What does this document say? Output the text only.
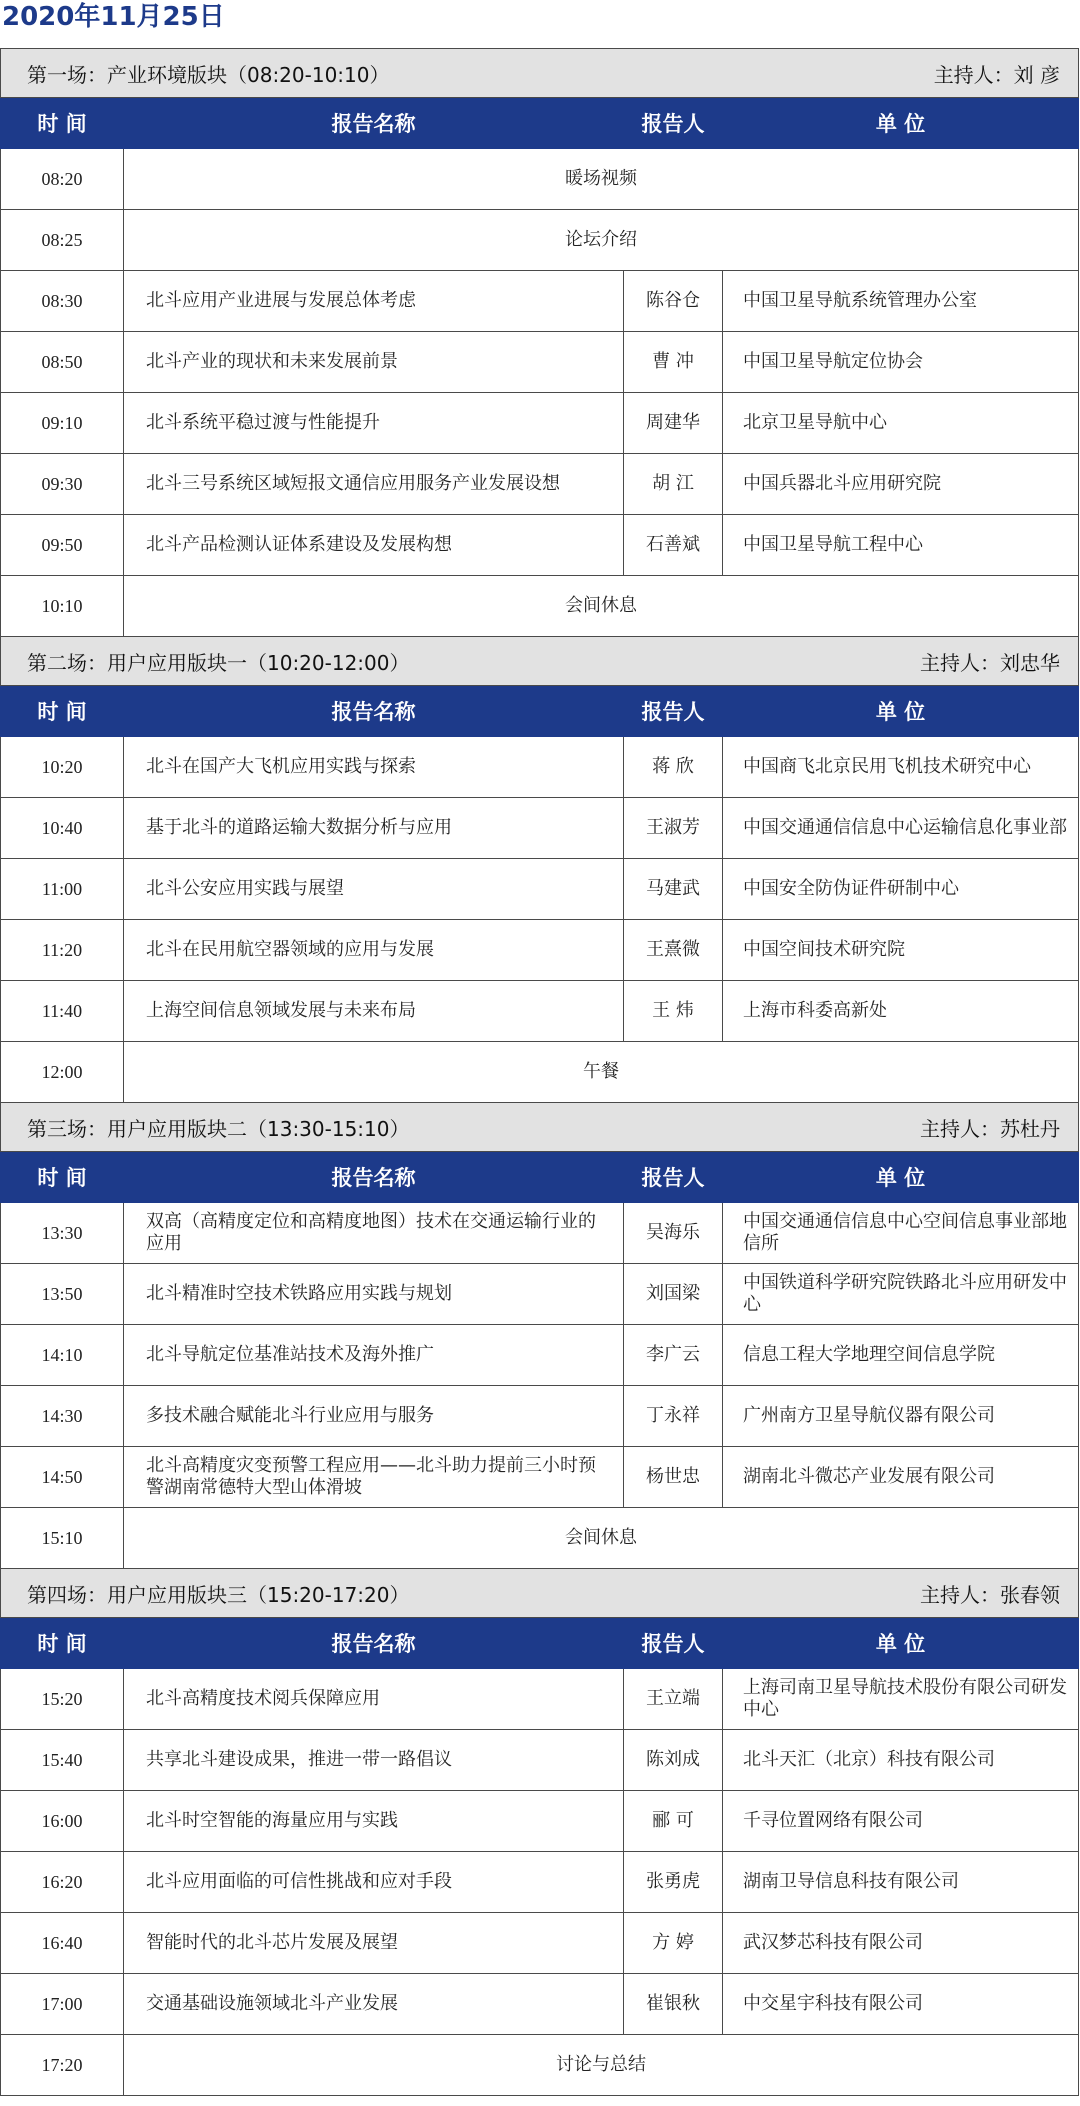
2020年11月25日
第一场：产业环境版块（08:20-10:10） 主持人：刘 彦			

时 间	报告名称	报告人	单 位
08:20	暖场视频		
08:25	论坛介绍		
08:30	北斗应用产业进展与发展总体考虑	陈谷仓	中国卫星导航系统管理办公室
08:50	北斗产业的现状和未来发展前景	曹 冲	中国卫星导航定位协会
09:10	北斗系统平稳过渡与性能提升	周建华	北京卫星导航中心
09:30	北斗三号系统区域短报文通信应用服务产业发展设想	胡 江	中国兵器北斗应用研究院
09:50	北斗产品检测认证体系建设及发展构想	石善斌	中国卫星导航工程中心
10:10	会间休息		

第二场：用户应用版块一（10:20-12:00） 主持人：刘忠华			

时 间	报告名称	报告人	单 位
10:20	北斗在国产大飞机应用实践与探索	蒋 欣	中国商飞北京民用飞机技术研究中心
10:40	基于北斗的道路运输大数据分析与应用	王淑芳	中国交通通信信息中心运输信息化事业部
11:00	北斗公安应用实践与展望	马建武	中国安全防伪证件研制中心
11:20	北斗在民用航空器领域的应用与发展	王熹微	中国空间技术研究院
11:40	上海空间信息领域发展与未来布局	王 炜	上海市科委高新处
12:00	午餐		

第三场：用户应用版块二（13:30-15:10） 主持人：苏杜丹			

时 间	报告名称	报告人	单 位
13:30	双高（高精度定位和高精度地图）技术在交通运输行业的应用	吴海乐	中国交通通信信息中心空间信息事业部地信所
13:50	北斗精准时空技术铁路应用实践与规划	刘国梁	中国铁道科学研究院铁路北斗应用研发中心
14:10	北斗导航定位基准站技术及海外推广	李广云	信息工程大学地理空间信息学院
14:30	多技术融合赋能北斗行业应用与服务	丁永祥	广州南方卫星导航仪器有限公司
14:50	北斗高精度灾变预警工程应用——北斗助力提前三小时预警湖南常德特大型山体滑坡	杨世忠	湖南北斗微芯产业发展有限公司
15:10	会间休息		

第四场：用户应用版块三（15:20-17:20） 主持人：张春领			

时 间	报告名称	报告人	单 位
15:20	北斗高精度技术阅兵保障应用	王立端	上海司南卫星导航技术股份有限公司研发中心
15:40	共享北斗建设成果，推进一带一路倡议	陈刘成	北斗天汇（北京）科技有限公司
16:00	北斗时空智能的海量应用与实践	郦 可	千寻位置网络有限公司
16:20	北斗应用面临的可信性挑战和应对手段	张勇虎	湖南卫导信息科技有限公司
16:40	智能时代的北斗芯片发展及展望	方 婷	武汉梦芯科技有限公司
17:00	交通基础设施领域北斗产业发展	崔银秋	中交星宇科技有限公司
17:20	讨论与总结		
